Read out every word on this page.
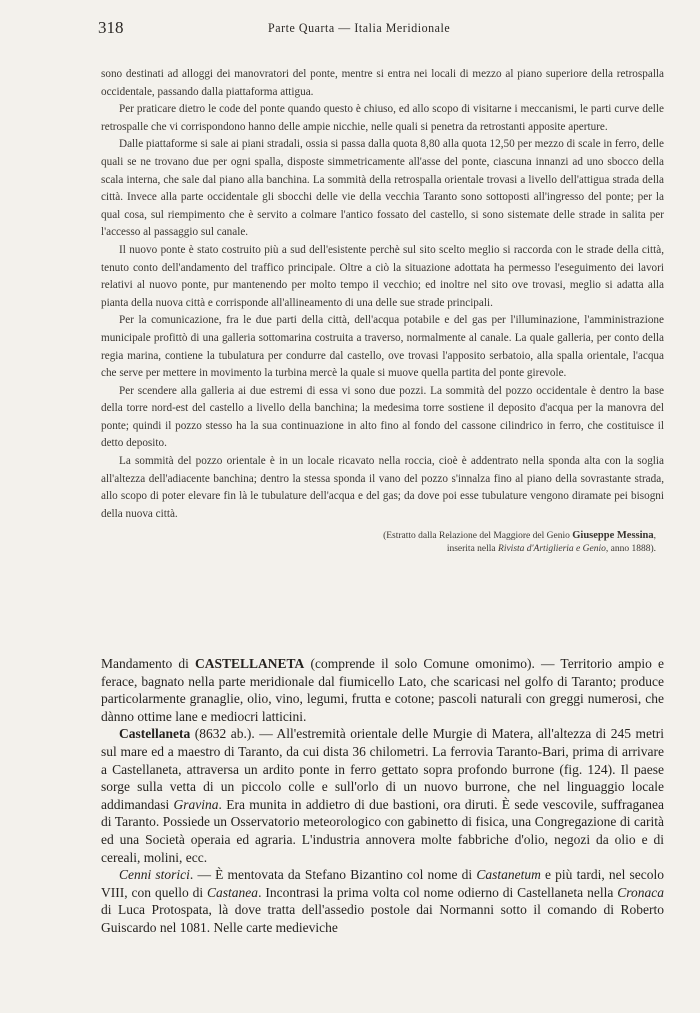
318	Parte Quarta — Italia Meridionale

sono destinati ad alloggi dei manovratori del ponte, mentre si entra nei locali di mezzo al piano superiore della retrospalla occidentale, passando dalla piattaforma attigua.

Per praticare dietro le code del ponte quando questo è chiuso, ed allo scopo di visitarne i meccanismi, le parti curve delle retrospalle che vi corrispondono hanno delle ampie nicchie, nelle quali si penetra da retrostanti apposite aperture.

Dalle piattaforme si sale ai piani stradali, ossia si passa dalla quota 8,80 alla quota 12,50 per mezzo di scale in ferro, delle quali se ne trovano due per ogni spalla, disposte simmetricamente all'asse del ponte, ciascuna innanzi ad uno sbocco della scala interna, che sale dal piano alla banchina. La sommità della retrospalla orientale trovasi a livello dell'attigua strada della città. Invece alla parte occidentale gli sbocchi delle vie della vecchia Taranto sono sottoposti all'ingresso del ponte; per la qual cosa, sul riempimento che è servito a colmare l'antico fossato del castello, si sono sistemate delle strade in salita per l'accesso al passaggio sul canale.

Il nuovo ponte è stato costruito più a sud dell'esistente perchè sul sito scelto meglio si raccorda con le strade della città, tenuto conto dell'andamento del traffico principale. Oltre a ciò la situazione adottata ha permesso l'eseguimento dei lavori relativi al nuovo ponte, pur mantenendo per molto tempo il vecchio; ed inoltre nel sito ove trovasi, meglio si adatta alla pianta della nuova città e corrisponde all'allineamento di una delle sue strade principali.

Per la comunicazione, fra le due parti della città, dell'acqua potabile e del gas per l'illuminazione, l'amministrazione municipale profittò di una galleria sottomarina costruita a traverso, normalmente al canale. La quale galleria, per conto della regia marina, contiene la tubulatura per condurre dal castello, ove trovasi l'apposito serbatoio, alla spalla orientale, l'acqua che serve per mettere in movimento la turbina mercè la quale si muove quella partita del ponte girevole.

Per scendere alla galleria ai due estremi di essa vi sono due pozzi. La sommità del pozzo occidentale è dentro la base della torre nord-est del castello a livello della banchina; la medesima torre sostiene il deposito d'acqua per la manovra del ponte; quindi il pozzo stesso ha la sua continuazione in alto fino al fondo del cassone cilindrico in ferro, che costituisce il detto deposito.

La sommità del pozzo orientale è in un locale ricavato nella roccia, cioè è addentrato nella sponda alta con la soglia all'altezza dell'adiacente banchina; dentro la stessa sponda il vano del pozzo s'innalza fino al piano della sovrastante strada, allo scopo di poter elevare fin là le tubulature dell'acqua e del gas; da dove poi esse tubulature vengono diramate pei bisogni della nuova città.

(Estratto dalla Relazione del Maggiore del Genio Giuseppe Messina,
inserita nella Rivista d'Artiglieria e Genio, anno 1888).

Mandamento di CASTELLANETA (comprende il solo Comune omonimo). — Territorio ampio e ferace, bagnato nella parte meridionale dal fiumicello Lato, che scaricasi nel golfo di Taranto; produce particolarmente granaglie, olio, vino, legumi, frutta e cotone; pascoli naturali con greggi numerosi, che dànno ottime lane e mediocri latticini.

Castellaneta (8632 ab.). — All'estremità orientale delle Murgie di Matera, all'altezza di 245 metri sul mare ed a maestro di Taranto, da cui dista 36 chilometri. La ferrovia Taranto-Bari, prima di arrivare a Castellaneta, attraversa un ardito ponte in ferro gettato sopra profondo burrone (fig. 124). Il paese sorge sulla vetta di un piccolo colle e sull'orlo di un nuovo burrone, che nel linguaggio locale addimandasi Gravina. Era munita in addietro di due bastioni, ora diruti. È sede vescovile, suffraganea di Taranto. Possiede un Osservatorio meteorologico con gabinetto di fisica, una Congregazione di carità ed una Società operaia ed agraria. L'industria annovera molte fabbriche d'olio, negozi da olio e di cereali, molini, ecc.

Cenni storici. — È mentovata da Stefano Bizantino col nome di Castanetum e più tardi, nel secolo VIII, con quello di Castanea. Incontrasi la prima volta col nome odierno di Castellaneta nella Cronaca di Luca Protospata, là dove tratta dell'assedio postole dai Normanni sotto il comando di Roberto Guiscardo nel 1081. Nelle carte medieviche
